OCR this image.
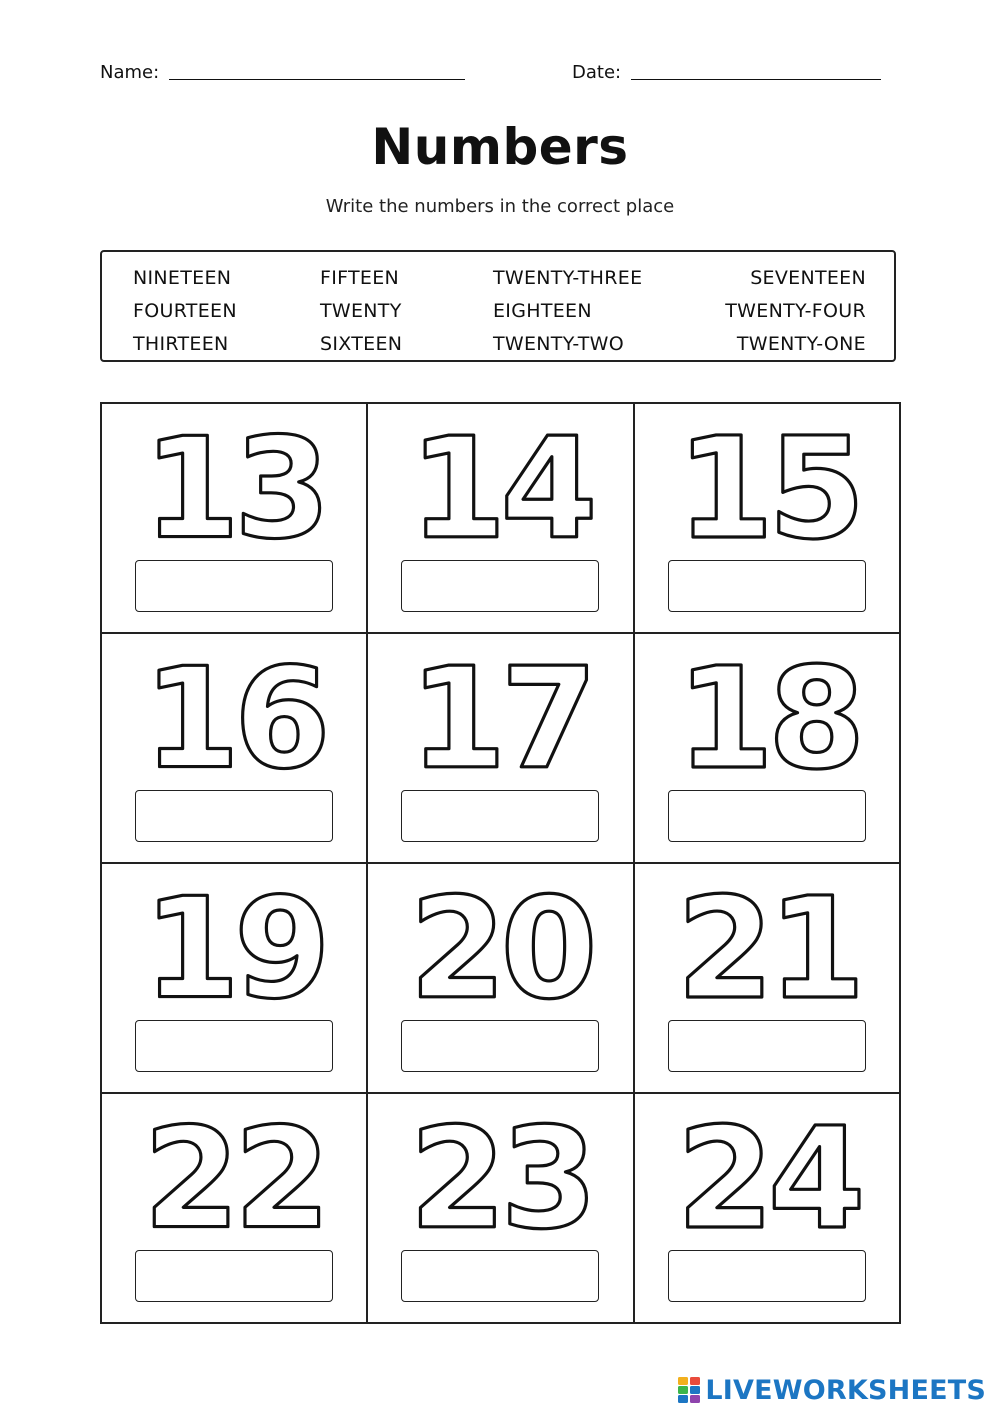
Name:	Date:
Numbers
Write the numbers in the correct place
NINETEEN
FOURTEEN
THIRTEEN
FIFTEEN
TWENTY
SIXTEEN
TWENTY-THREE
EIGHTEEN
TWENTY-TWO
SEVENTEEN
TWENTY-FOUR
TWENTY-ONE
13 14 15
16 17 18
19 20 21
22 23 24
LIVEWORKSHEETS
